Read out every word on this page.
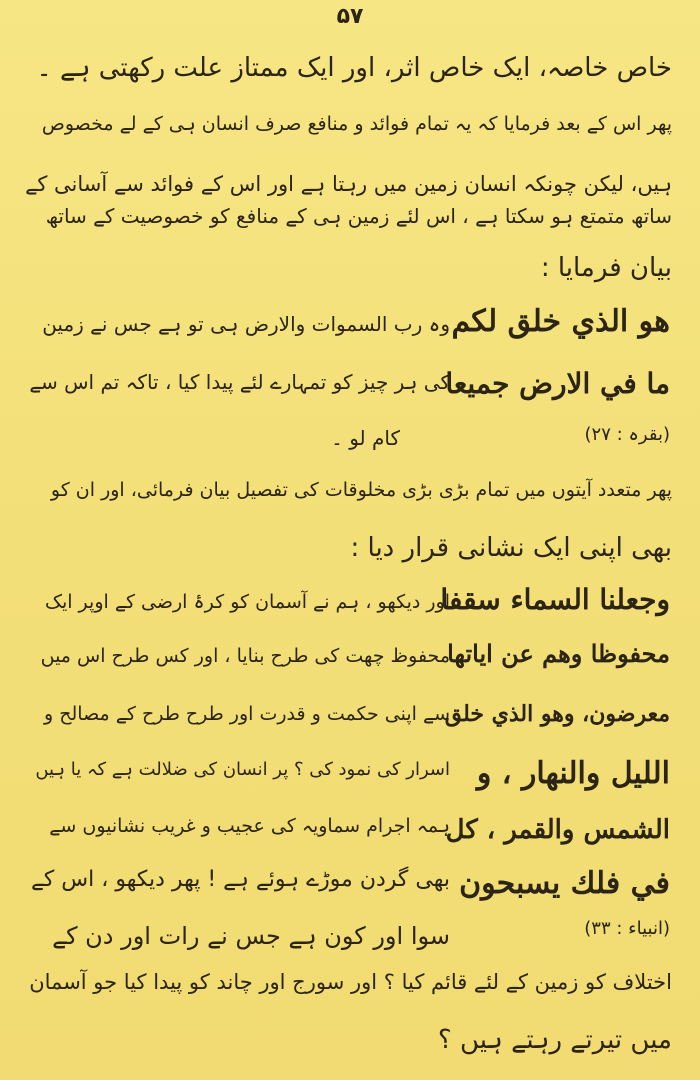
۵۷
خاص خاصہ، ایک خاص اثر، اور ایک ممتاز علت رکھتی ہے ۔
پھر اس کے بعد فرمایا کہ یہ تمام فوائد و منافع صرف انسان ہی کے لے مخصوص
ہیں، لیکن چونکہ انسان زمین میں رہتا ہے اور اس کے فوائد سے آسانی کے
ساتھ متمتع ہو سکتا ہے ، اس لئے زمین ہی کے منافع کو خصوصیت کے ساتھ
بیان فرمایا :
هو الذي خلق لكم
ما في الارض جميعا
(بقرہ : ۲۷)
وہ رب السموات والارض ہی تو ہے جس نے زمین
کی ہر چیز کو تمہارے لئے پیدا کیا ، تاکہ تم اس سے
کام لو ۔
پھر متعدد آیتوں میں تمام بڑی بڑی مخلوقات کی تفصیل بیان فرمائی، اور ان کو
بھی اپنی ایک نشانی قرار دیا :
وجعلنا السماء سقفا
محفوظا وهم عن اياتها
معرضون، وهو الذي خلق
الليل والنهار ، و
الشمس والقمر ، كل
في فلك يسبحون
(انبیاء : ۳۳)
اور دیکھو ، ہم نے آسمان کو کرۂ ارضی کے اوپر ایک
محفوظ چھت کی طرح بنایا ، اور کس طرح اس میں
سے اپنی حکمت و قدرت اور طرح طرح کے مصالح و
اسرار کی نمود کی ؟ پر انسان کی ضلالت ہے کہ یا ہیں
ہمہ اجرام سماویہ کی عجیب و غریب نشانیوں سے
بھی گردن موڑے ہوئے ہے ! پھر دیکھو ، اس کے
سوا اور کون ہے جس نے رات اور دن کے
اختلاف کو زمین کے لئے قائم کیا ؟ اور سورج اور چاند کو پیدا کیا جو آسمان
میں تیرتے رہتے ہیں ؟
